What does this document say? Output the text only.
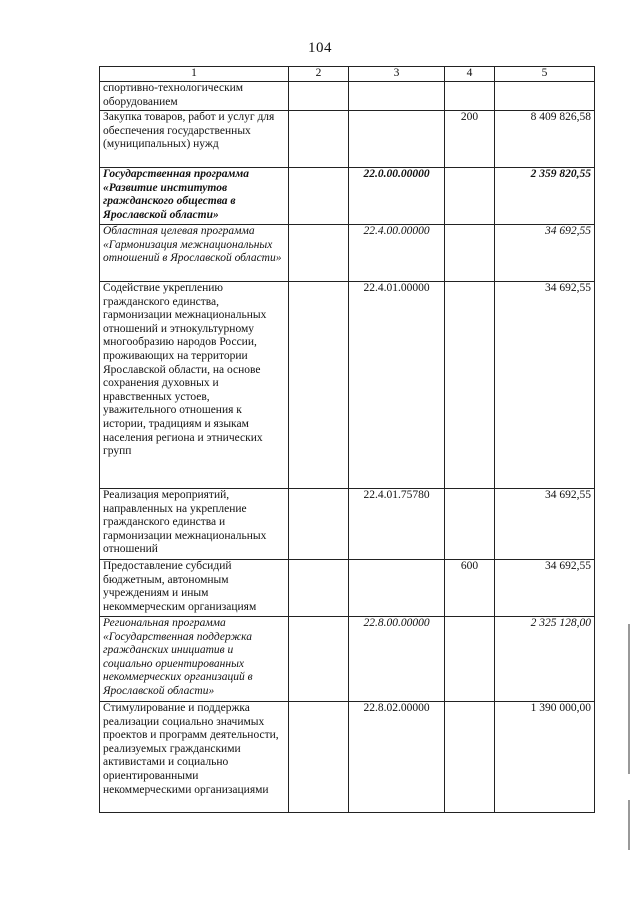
104
1	2	3	4	5
спортивно-технологическим оборудованием				
Закупка товаров, работ и услуг для обеспечения государственных (муниципальных) нужд			200	8 409 826,58
Государственная программа «Развитие институтов гражданского общества в Ярославской области»		22.0.00.00000		2 359 820,55
Областная целевая программа «Гармонизация межнациональных отношений в Ярославской области»		22.4.00.00000		34 692,55
Содействие укреплению гражданского единства, гармонизации межнациональных отношений и этнокультурному многообразию народов России, проживающих на территории Ярославской области, на основе сохранения духовных и нравственных устоев, уважительного отношения к истории, традициям и языкам населения региона и этнических групп		22.4.01.00000		34 692,55
Реализация мероприятий, направленных на укрепление гражданского единства и гармонизации межнациональных отношений		22.4.01.75780		34 692,55
Предоставление субсидий бюджетным, автономным учреждениям и иным некоммерческим организациям			600	34 692,55
Региональная программа «Государственная поддержка гражданских инициатив и социально ориентированных некоммерческих организаций в Ярославской области»		22.8.00.00000		2 325 128,00
Стимулирование и поддержка реализации социально значимых проектов и программ деятельности, реализуемых гражданскими активистами и социально ориентированными некоммерческими организациями		22.8.02.00000		1 390 000,00
